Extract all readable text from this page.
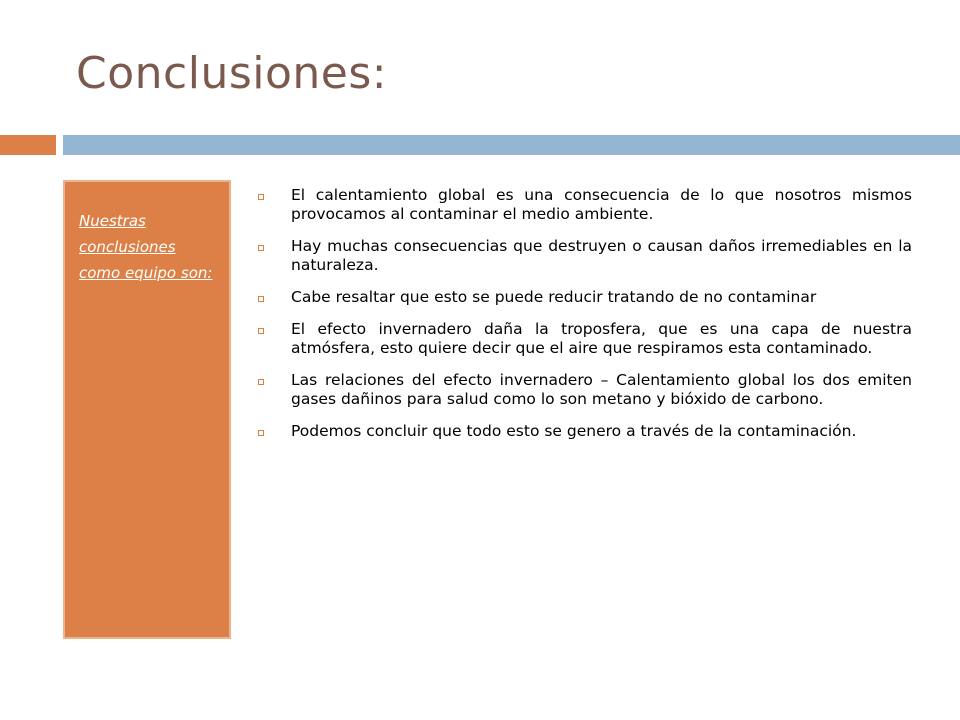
Conclusiones:

Nuestras conclusiones como equipo son:

El calentamiento global es una consecuencia de lo que nosotros mismos provocamos al contaminar el medio ambiente.
Hay muchas consecuencias que destruyen o causan daños irremediables en la naturaleza.
Cabe resaltar que esto se puede reducir tratando de no contaminar
El efecto invernadero daña la troposfera, que es una capa de nuestra atmósfera, esto quiere decir que el aire que respiramos esta contaminado.
Las relaciones del efecto invernadero – Calentamiento global los dos emiten gases dañinos para salud como lo son metano y bióxido de carbono.
Podemos concluir que todo esto se genero a través de la contaminación.
